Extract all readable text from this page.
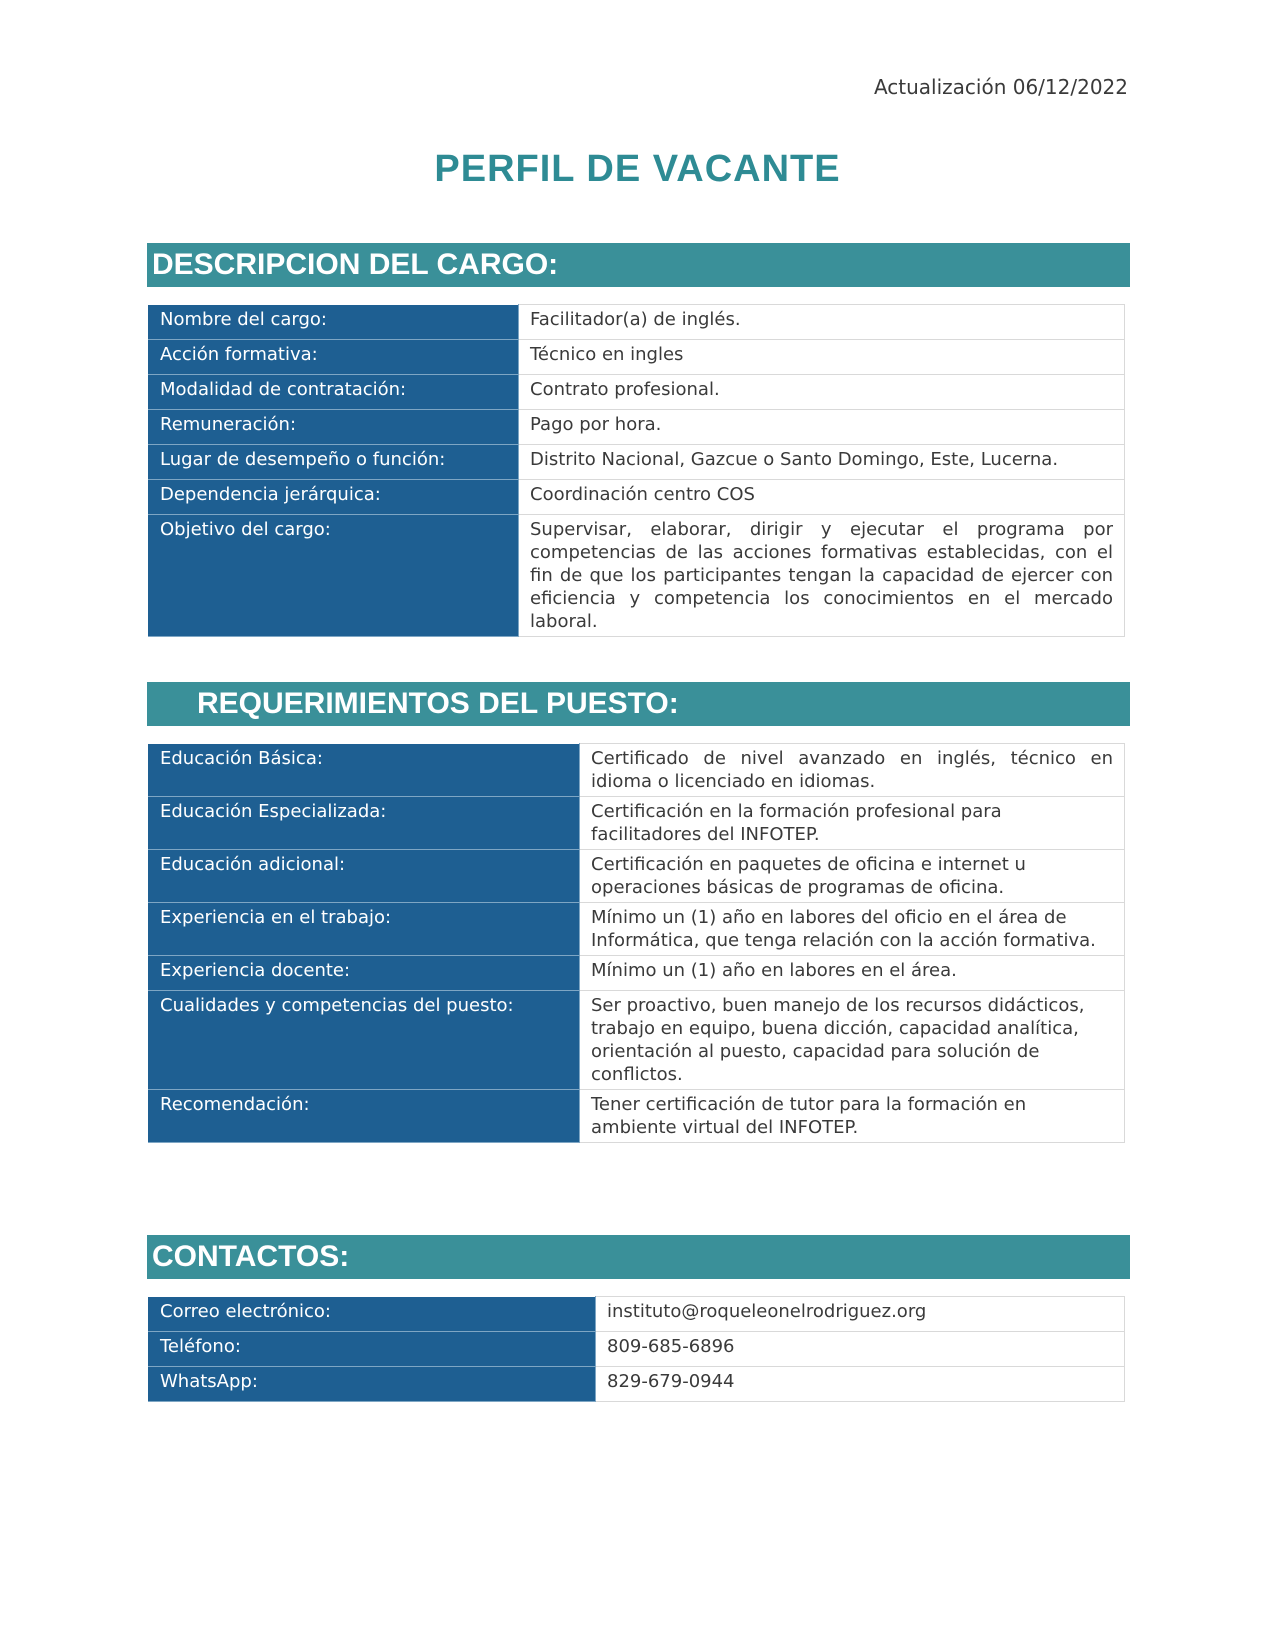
Actualización 06/12/2022
PERFIL DE VACANTE
DESCRIPCION DEL CARGO:
Nombre del cargo:	Facilitador(a) de inglés.
Acción formativa:	Técnico en ingles
Modalidad de contratación:	Contrato profesional.
Remuneración:	Pago por hora.
Lugar de desempeño o función:	Distrito Nacional, Gazcue o Santo Domingo, Este, Lucerna.
Dependencia jerárquica:	Coordinación centro COS
Objetivo del cargo:	Supervisar, elaborar, dirigir y ejecutar el programa por competencias de las acciones formativas establecidas, con el fin de que los participantes tengan la capacidad de ejercer con eficiencia y competencia los conocimientos en el mercado laboral.
REQUERIMIENTOS DEL PUESTO:
Educación Básica:	Certificado de nivel avanzado en inglés, técnico en idioma o licenciado en idiomas.
Educación Especializada:	Certificación en la formación profesional para facilitadores del INFOTEP.
Educación adicional:	Certificación en paquetes de oficina e internet u operaciones básicas de programas de oficina.
Experiencia en el trabajo:	Mínimo un (1) año en labores del oficio en el área de Informática, que tenga relación con la acción formativa.
Experiencia docente:	Mínimo un (1) año en labores en el área.
Cualidades y competencias del puesto:	Ser proactivo, buen manejo de los recursos didácticos, trabajo en equipo, buena dicción, capacidad analítica, orientación al puesto, capacidad para solución de conflictos.
Recomendación:	Tener certificación de tutor para la formación en ambiente virtual del INFOTEP.
CONTACTOS:
Correo electrónico:	instituto@roqueleonelrodriguez.org
Teléfono:	809-685-6896
WhatsApp:	829-679-0944
